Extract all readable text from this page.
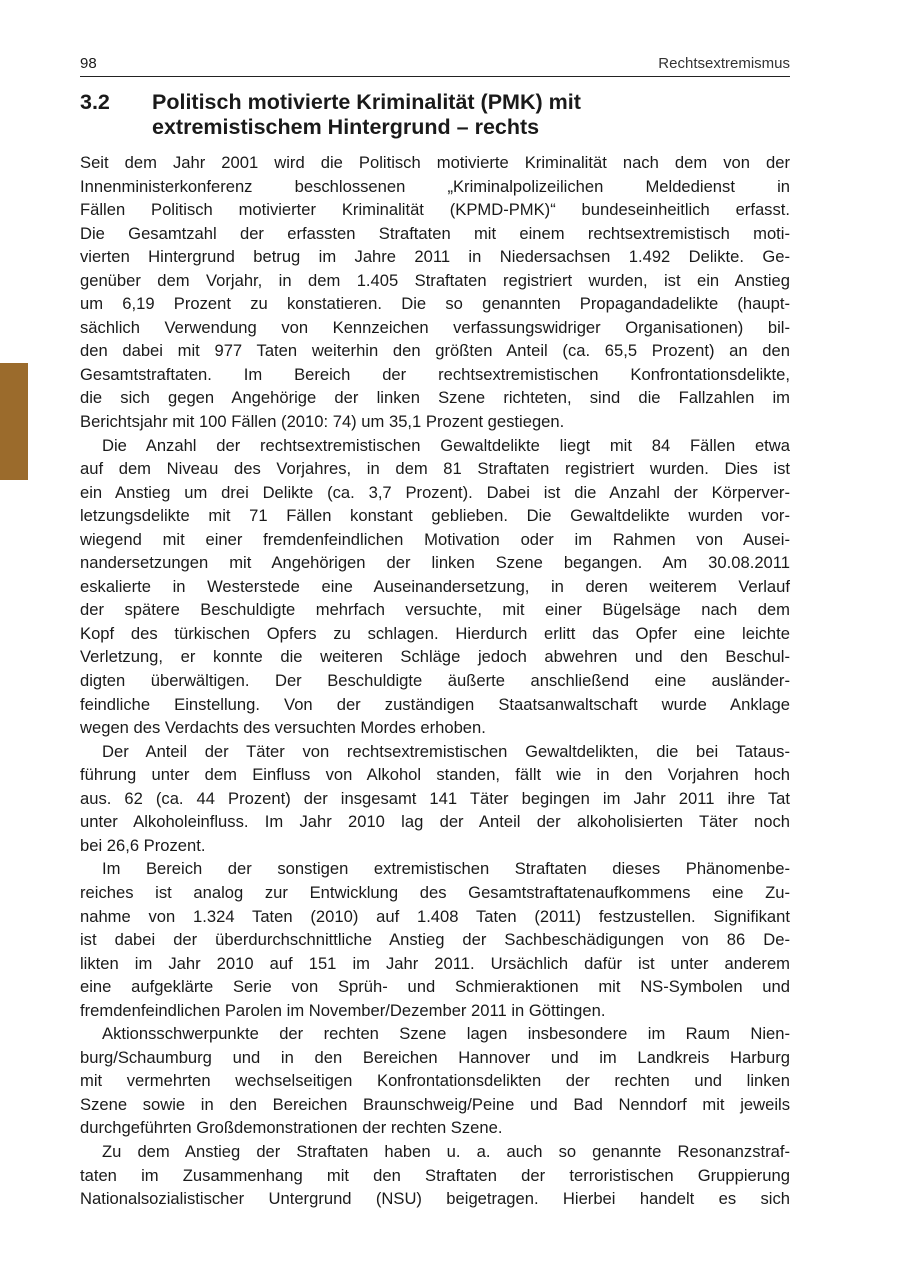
98	Rechtsextremismus
3.2 Politisch motivierte Kriminalität (PMK) mit
extremistischem Hintergrund – rechts
Seit dem Jahr 2001 wird die Politisch motivierte Kriminalität nach dem von der
Innenministerkonferenz beschlossenen „Kriminalpolizeilichen Meldedienst in
Fällen Politisch motivierter Kriminalität (KPMD-PMK)“ bundeseinheitlich erfasst.
Die Gesamtzahl der erfassten Straftaten mit einem rechtsextremistisch moti-
vierten Hintergrund betrug im Jahre 2011 in Niedersachsen 1.492 Delikte. Ge-
genüber dem Vorjahr, in dem 1.405 Straftaten registriert wurden, ist ein Anstieg
um 6,19 Prozent zu konstatieren. Die so genannten Propagandadelikte (haupt-
sächlich Verwendung von Kennzeichen verfassungswidriger Organisationen) bil-
den dabei mit 977 Taten weiterhin den größten Anteil (ca. 65,5 Prozent) an den
Gesamtstraftaten. Im Bereich der rechtsextremistischen Konfrontationsdelikte,
die sich gegen Angehörige der linken Szene richteten, sind die Fallzahlen im
Berichtsjahr mit 100 Fällen (2010: 74) um 35,1 Prozent gestiegen.
Die Anzahl der rechtsextremistischen Gewaltdelikte liegt mit 84 Fällen etwa
auf dem Niveau des Vorjahres, in dem 81 Straftaten registriert wurden. Dies ist
ein Anstieg um drei Delikte (ca. 3,7 Prozent). Dabei ist die Anzahl der Körperver-
letzungsdelikte mit 71 Fällen konstant geblieben. Die Gewaltdelikte wurden vor-
wiegend mit einer fremdenfeindlichen Motivation oder im Rahmen von Ausei-
nandersetzungen mit Angehörigen der linken Szene begangen. Am 30.08.2011
eskalierte in Westerstede eine Auseinandersetzung, in deren weiterem Verlauf
der spätere Beschuldigte mehrfach versuchte, mit einer Bügelsäge nach dem
Kopf des türkischen Opfers zu schlagen. Hierdurch erlitt das Opfer eine leichte
Verletzung, er konnte die weiteren Schläge jedoch abwehren und den Beschul-
digten überwältigen. Der Beschuldigte äußerte anschließend eine ausländer-
feindliche Einstellung. Von der zuständigen Staatsanwaltschaft wurde Anklage
wegen des Verdachts des versuchten Mordes erhoben.
Der Anteil der Täter von rechtsextremistischen Gewaltdelikten, die bei Tataus-
führung unter dem Einfluss von Alkohol standen, fällt wie in den Vorjahren hoch
aus. 62 (ca. 44 Prozent) der insgesamt 141 Täter begingen im Jahr 2011 ihre Tat
unter Alkoholeinfluss. Im Jahr 2010 lag der Anteil der alkoholisierten Täter noch
bei 26,6 Prozent.
Im Bereich der sonstigen extremistischen Straftaten dieses Phänomenbe-
reiches ist analog zur Entwicklung des Gesamtstraftatenaufkommens eine Zu-
nahme von 1.324 Taten (2010) auf 1.408 Taten (2011) festzustellen. Signifikant
ist dabei der überdurchschnittliche Anstieg der Sachbeschädigungen von 86 De-
likten im Jahr 2010 auf 151 im Jahr 2011. Ursächlich dafür ist unter anderem
eine aufgeklärte Serie von Sprüh- und Schmieraktionen mit NS-Symbolen und
fremdenfeindlichen Parolen im November/Dezember 2011 in Göttingen.
Aktionsschwerpunkte der rechten Szene lagen insbesondere im Raum Nien-
burg/Schaumburg und in den Bereichen Hannover und im Landkreis Harburg
mit vermehrten wechselseitigen Konfrontationsdelikten der rechten und linken
Szene sowie in den Bereichen Braunschweig/Peine und Bad Nenndorf mit jeweils
durchgeführten Großdemonstrationen der rechten Szene.
Zu dem Anstieg der Straftaten haben u. a. auch so genannte Resonanzstraf-
taten im Zusammenhang mit den Straftaten der terroristischen Gruppierung
Nationalsozialistischer Untergrund (NSU) beigetragen. Hierbei handelt es sich
